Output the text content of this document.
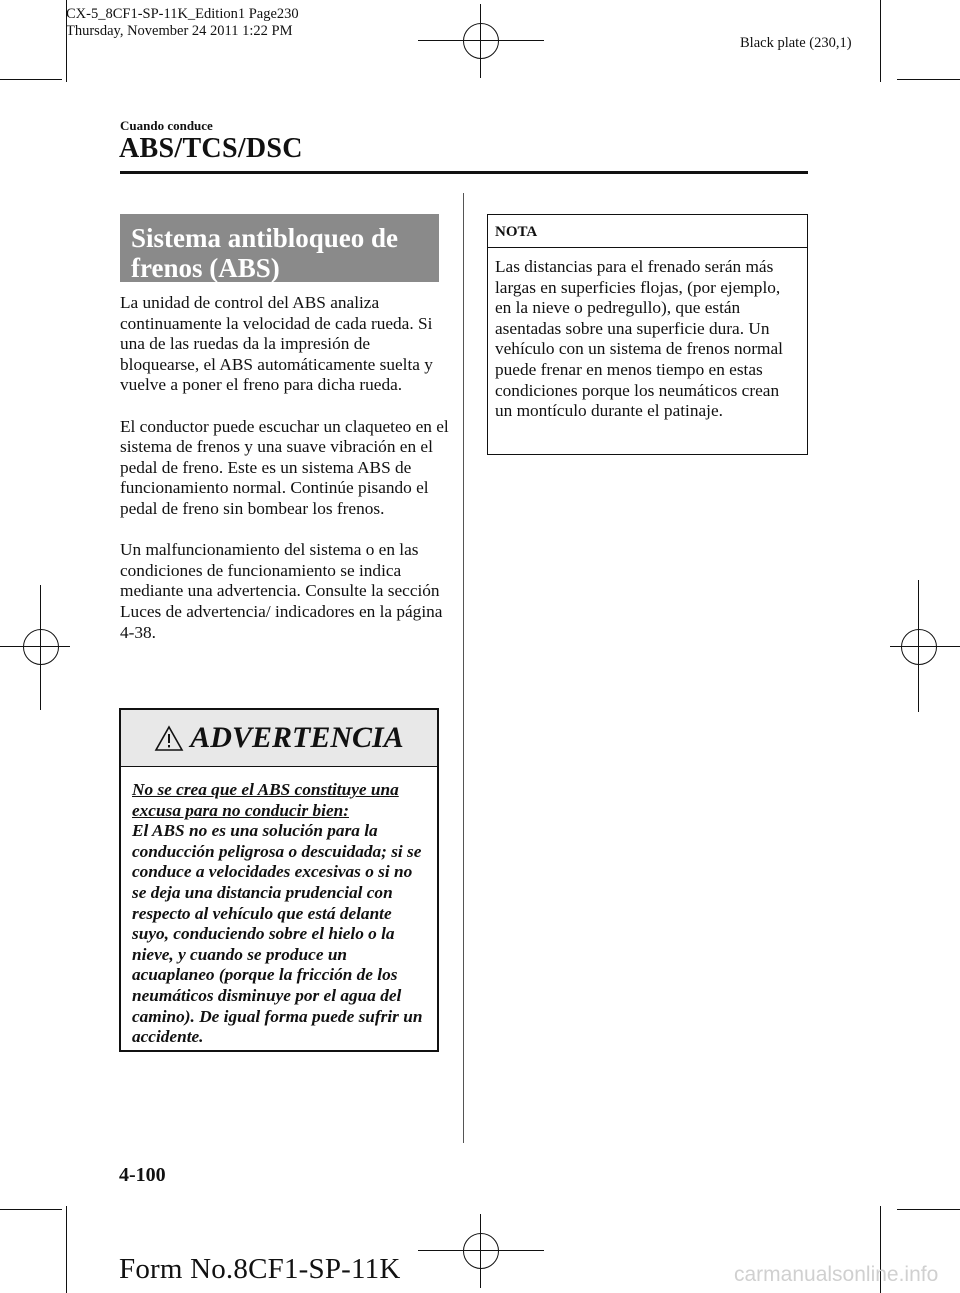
CX-5_8CF1-SP-11K_Edition1 Page230
Thursday, November 24 2011 1:22 PM
Black plate (230,1)
Cuando conduce
ABS/TCS/DSC
Sistema antibloqueo de
frenos (ABS)

La unidad de control del ABS analiza continuamente la velocidad de cada rueda. Si una de las ruedas da la impresión de bloquearse, el ABS automáticamente suelta y vuelve a poner el freno para dicha rueda.

El conductor puede escuchar un claqueteo en el sistema de frenos y una suave vibración en el pedal de freno. Este es un sistema ABS de funcionamiento normal. Continúe pisando el pedal de freno sin bombear los frenos.

Un malfuncionamiento del sistema o en las condiciones de funcionamiento se indica mediante una advertencia. Consulte la sección Luces de advertencia/ indicadores en la página 4-38.

ADVERTENCIA
No se crea que el ABS constituye una excusa para no conducir bien:
El ABS no es una solución para la conducción peligrosa o descuidada; si se conduce a velocidades excesivas o si no se deja una distancia prudencial con respecto al vehículo que está delante suyo, conduciendo sobre el hielo o la nieve, y cuando se produce un acuaplaneo (porque la fricción de los neumáticos disminuye por el agua del camino). De igual forma puede sufrir un accidente.
NOTA
Las distancias para el frenado serán más largas en superficies flojas, (por ejemplo, en la nieve o pedregullo), que están asentadas sobre una superficie dura. Un vehículo con un sistema de frenos normal puede frenar en menos tiempo en estas condiciones porque los neumáticos crean un montículo durante el patinaje.
4-100
Form No.8CF1-SP-11K	carmanualsonline.info
